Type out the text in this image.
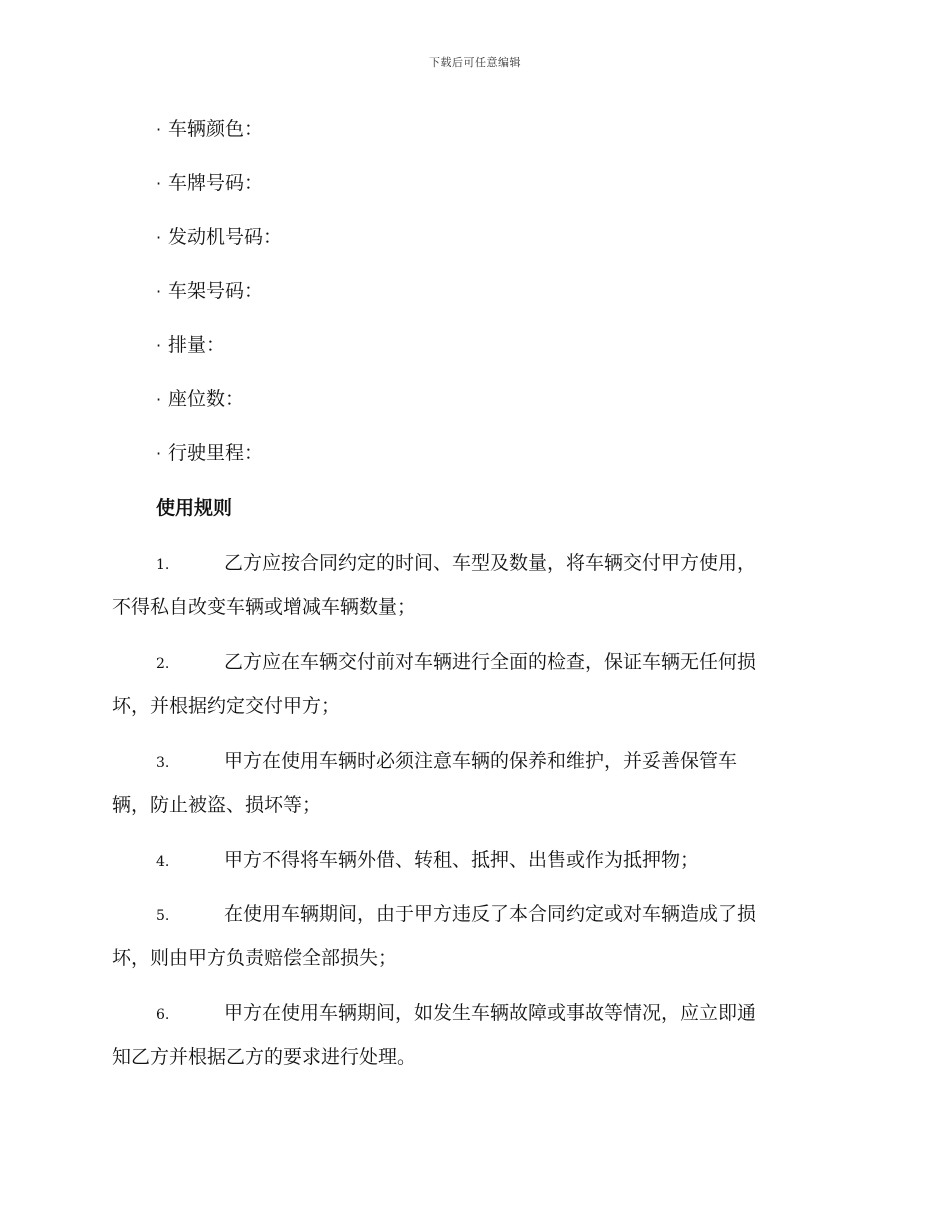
下载后可任意编辑
· 车辆颜色：
· 车牌号码：
· 发动机号码：
· 车架号码：
· 排量：
· 座位数：
· 行驶里程：
使用规则
1.	乙方应按合同约定的时间、车型及数量，将车辆交付甲方使用，
不得私自改变车辆或增减车辆数量；
2.	乙方应在车辆交付前对车辆进行全面的检查，保证车辆无任何损
坏，并根据约定交付甲方；
3.	甲方在使用车辆时必须注意车辆的保养和维护，并妥善保管车
辆，防止被盗、损坏等；
4.	甲方不得将车辆外借、转租、抵押、出售或作为抵押物；
5.	在使用车辆期间，由于甲方违反了本合同约定或对车辆造成了损
坏，则由甲方负责赔偿全部损失；
6.	甲方在使用车辆期间，如发生车辆故障或事故等情况，应立即通
知乙方并根据乙方的要求进行处理。
